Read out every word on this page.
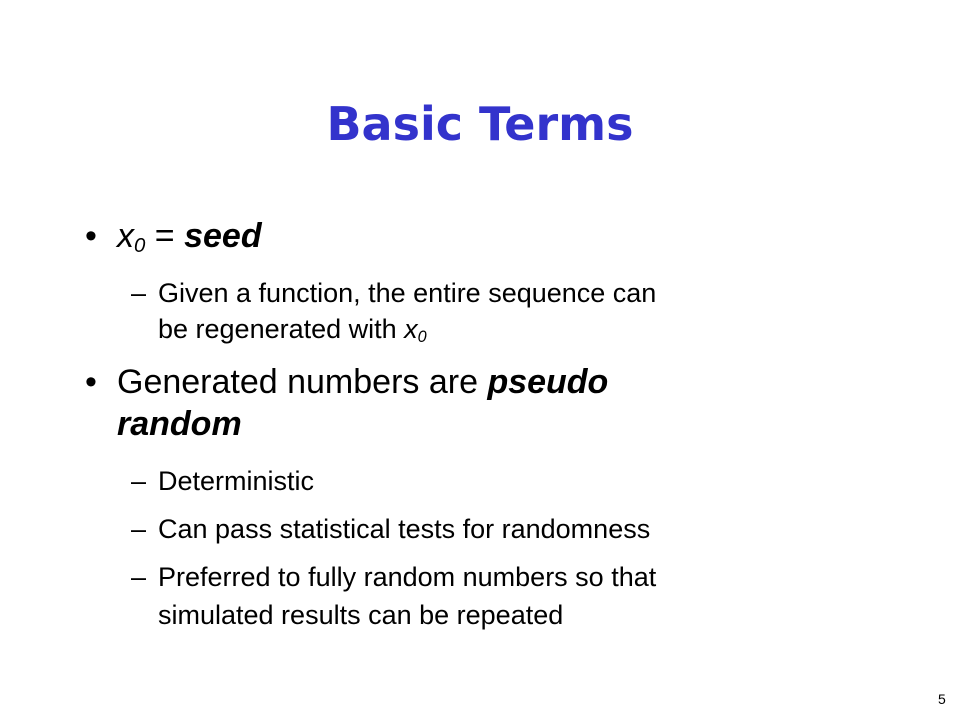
Basic Terms
• $x_0$ = seed
– Given a function, the entire sequence can
be regenerated with $x_0$
• Generated numbers are pseudo
random
– Deterministic
– Can pass statistical tests for randomness
– Preferred to fully random numbers so that
simulated results can be repeated
5
